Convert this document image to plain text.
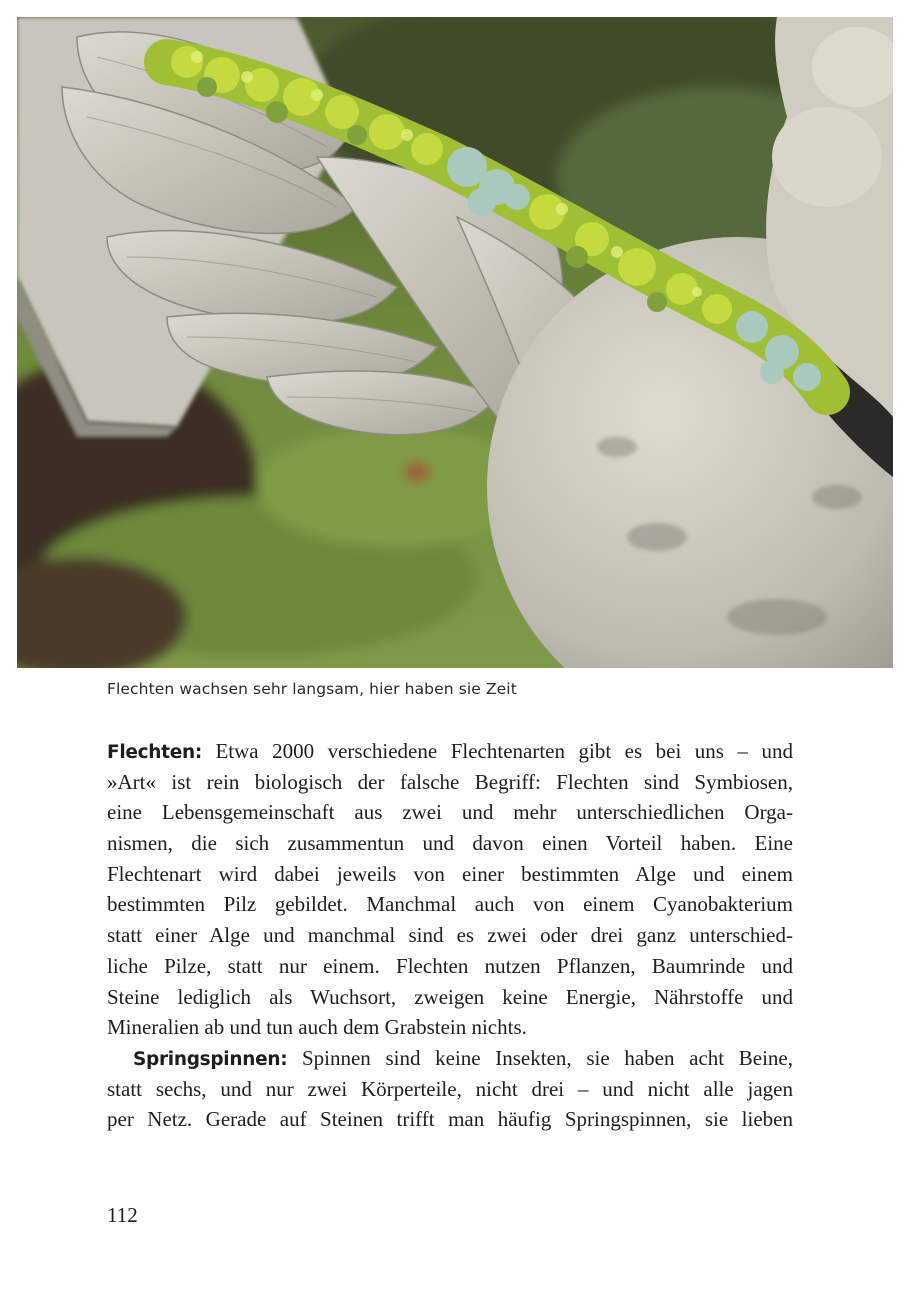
Flechten wachsen sehr langsam, hier haben sie Zeit
Flechten: Etwa 2000 verschiedene Flechtenarten gibt es bei uns – und
»Art« ist rein biologisch der falsche Begriff: Flechten sind Symbiosen,
eine Lebensgemeinschaft aus zwei und mehr unterschiedlichen Orga-
nismen, die sich zusammentun und davon einen Vorteil haben. Eine
Flechtenart wird dabei jeweils von einer bestimmten Alge und einem
bestimmten Pilz gebildet. Manchmal auch von einem Cyanobakterium
statt einer Alge und manchmal sind es zwei oder drei ganz unterschied-
liche Pilze, statt nur einem. Flechten nutzen Pflanzen, Baumrinde und
Steine lediglich als Wuchsort, zweigen keine Energie, Nährstoffe und
Mineralien ab und tun auch dem Grabstein nichts.
Springspinnen: Spinnen sind keine Insekten, sie haben acht Beine,
statt sechs, und nur zwei Körperteile, nicht drei – und nicht alle jagen
per Netz. Gerade auf Steinen trifft man häufig Springspinnen, sie lieben
112
